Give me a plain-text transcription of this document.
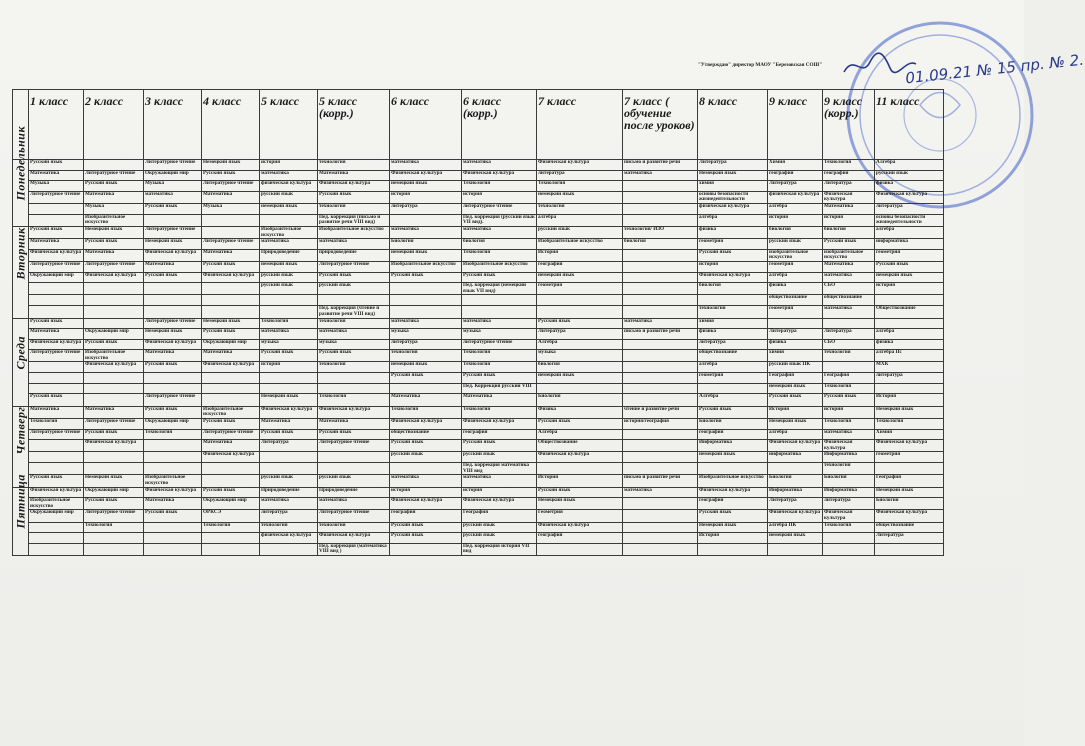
"Утверждаю" директор МАОУ "Березовская СОШ"	01.09.21 № 15 пр. № 2.
	1 класс	2 класс	3 класс	4 класс	5 класс	5 класс (корр.)	6 класс	6 класс (корр.)	7 класс	7 класс ( обучение после уроков)	8 класс	9 класс	9 класс (корр.)	11 класс

Понедельник	Русский язык		Литературное чтение	Немецкий язык	история	технология	математика	математика	Физическая культура	письмо и развитие речи	Литература	Химия	Технология	Алгебра
	Математика	Литературное чтение	Окружающий мир	Русский язык	математика	Математика	Физическая культура	Физическая культура	литература	математика	Немецкий язык	география	география	русский язык
	Музыка	Русский язык	Музыка	Литературное чтение	физическая культура	Физическая культура	немецкий язык	Технология	Технология		химия	Литература	Литература	физика
	Литературное чтение	Математика	математика	Математика	русский язык	Русский язык	история	история	немецкий язык		основы безопасности жизнедеятельности	физическая культура	Физическая культура	Физическая культура
		Музыка	Русский язык	Музыка	немецкий язык	технология	литература	литературное чтение	технология		физическая культура	алгебра	Математика	литература
		Изобразительное искусство				Пед. коррекция (письмо и развитие речи VIII вид)		Пед. коррекция (русский язык VII вид).	алгебра		алгебра	история	история	основы безопасности жизнедеятельности

Вторник	Русский язык	Немецкий язык	Литературное чтение		Изобразительное искусство	Изобразительное искусство	математика	математика	русский язык	технология/ ИЗО	физика	биология	биология	алгебра
	Математика	Русский язык	Немецкий язык	Литературное чтение	математика	математика	Биология	биология	Изобразительное искусство	биология	геометрия	русский язык	Русский язык	информатика
	Физическая культура	Математика	Физическая культура	Математика	Природоведение	природоведение	немецкий язык	Технология	История		Русский язык	изобразительное искусство	изобразительное искусство	геометрия
	Литературное чтение	Литературное чтение	Математика	Русский язык	немецкий язык	Литературное чтение	Изобразительное искусство	Изобразительное искусство	география		история	геометрия	Математика	Русский язык
	Окружающий мир	Физическая культура	Русский язык	Физическая культура	русский язык	Русский язык	Русский язык	Русский язык	немецкий язык		Физическая культура	алгебра	математика	немецкий язык
					русский язык	русский язык		Пед. коррекция (немецкий язык VII вид)	геометрия		биология	физика	СБО	история
												обществознание	обществознание	
						Пед. коррекция (чтение и развитие речи VIII вид)					технология	геометрия	математика	Обществознание

Среда	Русский язык		Литературное чтение	Немецкий язык	Технология	технология	математика	математика	Русский язык	математика	химия			
	Математика	Окружающий мир	Немецкий язык	Русский язык	математика	математика	музыка	музыка	Литература	письмо и развитие речи	физика	Литература	Литература	алгебра
	Физическая культура	Русский язык	Физическая культура	Окружающий мир	музыка	музыка	литература	литературное чтение	Алгебра		литература	физика	СБО	физика
	Литературное чтение	Изобразительное искусство	Математика	Математика	Русский язык	Русский язык	технология	Технология	музыка		обществознание	химия	технология	алгебра Пс
		Физическая культура	Русский язык	Физическая культура	история	технология	немецкий язык	Технология	биология		алгебра	русский язык ПК		МХК
							Русский язык	Русский язык	немецкий язык		геометрия	География	География	литература
								Пед. Коррекция русский VIII				немецкий язык	Технология	
	Русский язык		Литературное чтение		Немецкий язык	Технология	Математика	Математика	Биология		Алгебра	Русский язык	Русский язык	История

Четверг	Математика	Математика	Русский язык	Изобразительное искусство	Физическая культура	Физическая культура	Технология	Технология	Физика	чтение и развитие речи	Русский язык	История	история	Немецкий язык
	Технология	Литературное чтение	Окружающий мир	Русский язык	Математика	Математика	Физическая культура	Физическая культура	Русский язык	история/география	Биология	Немецкий язык	Технология	Технология
	Литературное чтение	Русский язык	Технология	Литературное чтение	Русский язык	Русский язык	обществознание	география	Алгебра		география	алгебра	математика	Химия
		Физическая культура		Математика	Литература	Литературное чтение	Русский язык	Русский язык	Обществознание		Информатика	Физическая культура	Физическая культура	Физическая культура
				Физическая культура			русский язык	русский язык	Физическая культура		немецкий язык	информатика	Информатика	геометрия
								Пед. коррекция математика VIII вид					технология	
	Русский язык	Немецкий язык	Изобразительное искусство		русский язык	русский язык	математика	математика	История	письмо и развитие речи	Изобразительное искусство	Биология	Биология	География

Пятница	Физическая культура	Окружающий мир	Физическая культура	Русский язык	Природоведение	Природоведение	история	история	Русский язык	математика	Физическая культура	Информатика	Информатика	Немецкий язык
	Изобразительное искусство	Русский язык	Математика	Окружающий мир	математика	математика	Физическая культура	Физическая культура	Немецкий язык		география	Литература	литература	Биология
	Окружающий мир	Литературное чтение	Русский язык	ОРКСЭ	литература	Литературное чтение	география	География	Геометрия		Русский язык	Физическая культура	Физическая культура	Физическая культура
		Технология		Технология	технология	технология	Русский язык	русский язык	Физическая культура		Немецкий язык	алгебра ПК	Технология	обществознание
					физическая культура	Физическая культура	Русский язык	русский язык	география		История	немецкий язык		Литература
						Пед. коррекция (математика VIII вид )		Пед. коррекция история VII вид						
